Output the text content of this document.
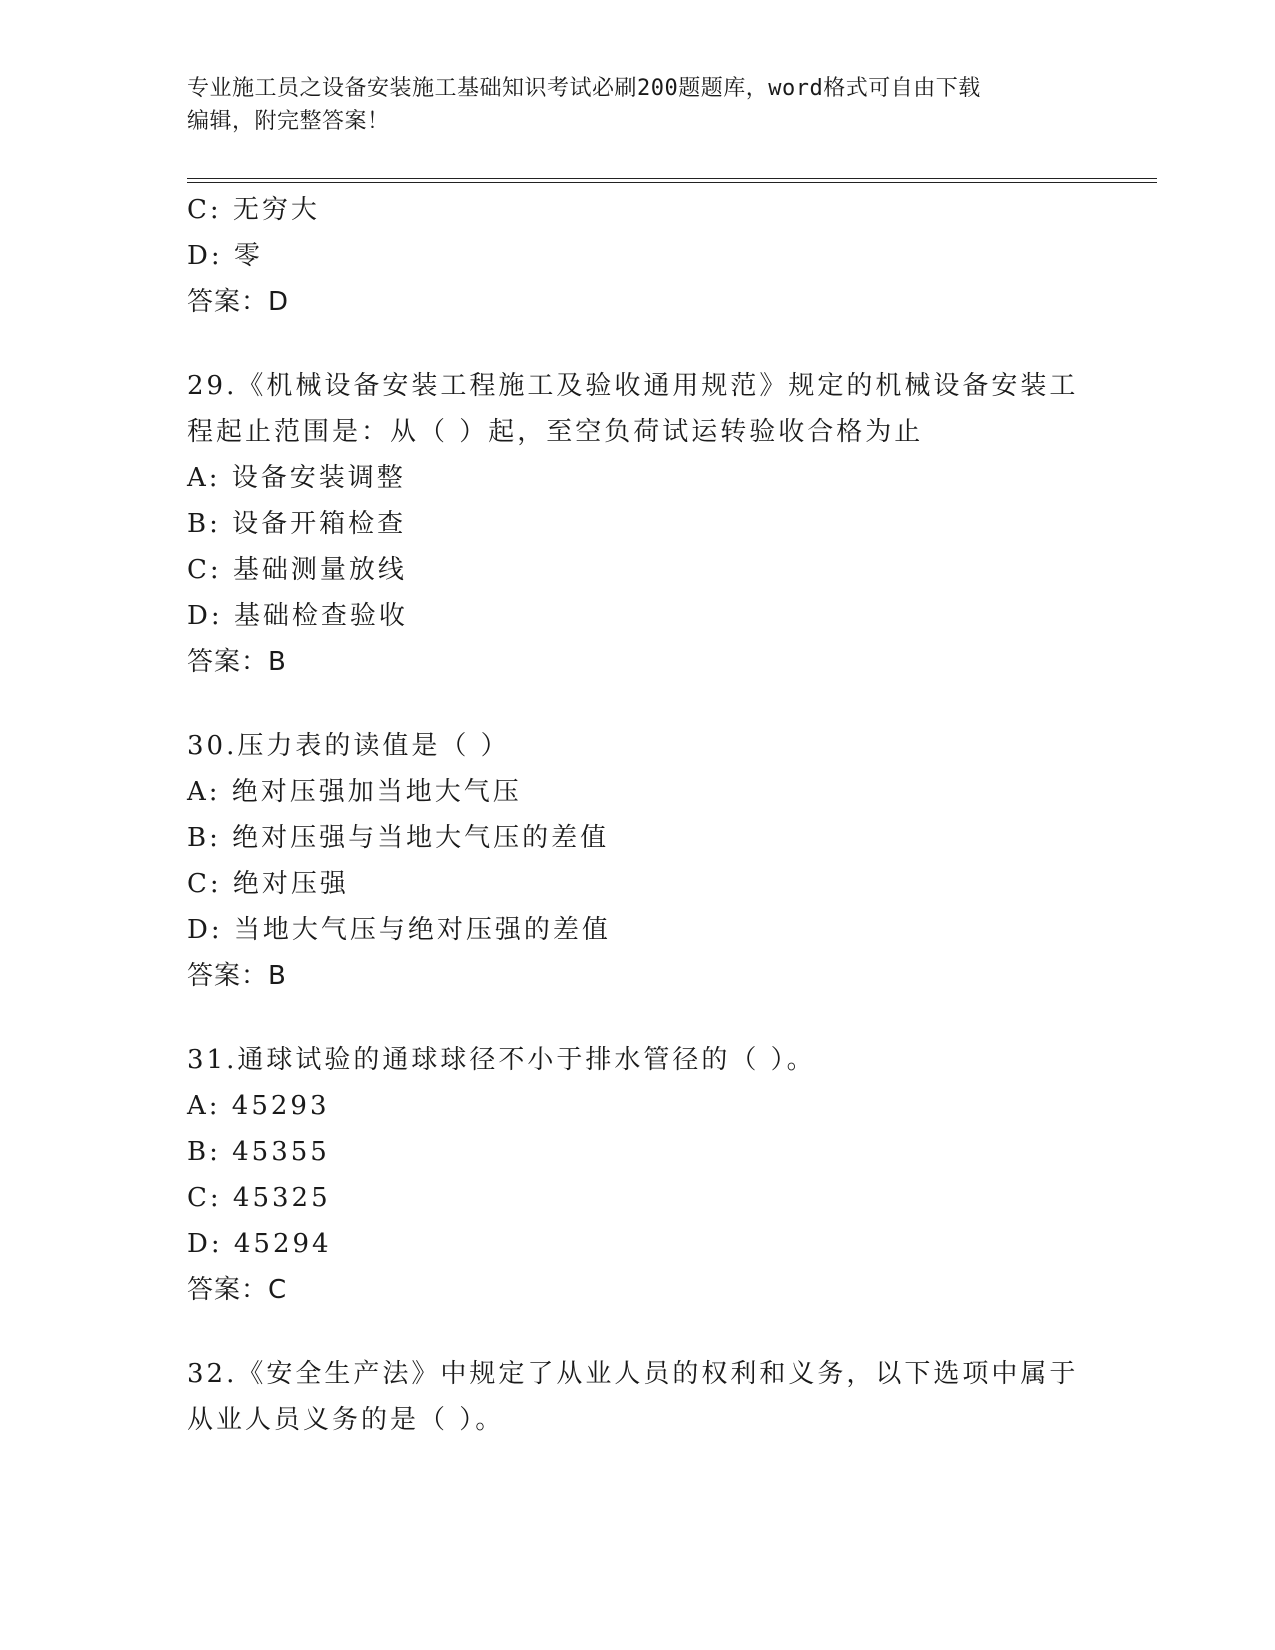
专业施工员之设备安装施工基础知识考试必刷200题题库，word格式可自由下载
编辑，附完整答案！

C: 无穷大

D: 零

答案：D

29.《机械设备安装工程施工及验收通用规范》规定的机械设备安装工

程起止范围是：从（ ）起，至空负荷试运转验收合格为止

A: 设备安装调整

B: 设备开箱检查

C: 基础测量放线

D: 基础检查验收

答案：B

30.压力表的读值是（ ）

A: 绝对压强加当地大气压

B: 绝对压强与当地大气压的差值

C: 绝对压强

D: 当地大气压与绝对压强的差值

答案：B

31.通球试验的通球球径不小于排水管径的（ ）。

A: 45293

B: 45355

C: 45325

D: 45294

答案：C

32.《安全生产法》中规定了从业人员的权利和义务，以下选项中属于

从业人员义务的是（ ）。
